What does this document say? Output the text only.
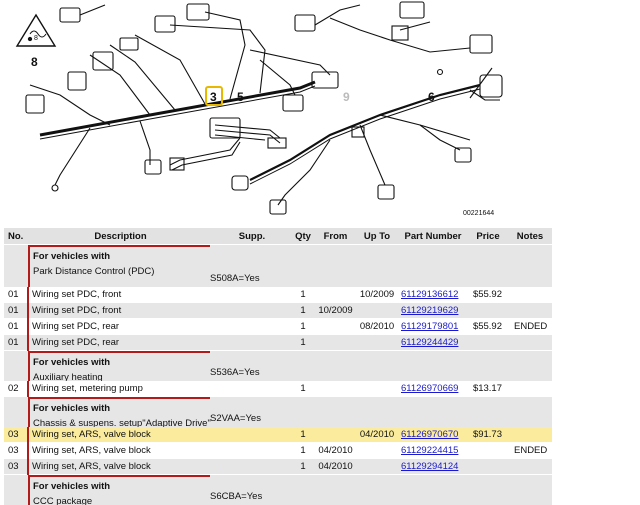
8
3 5	9	6
8
00221644
No.	Description	Supp.	Qty	From	Up To	Part Number	Price	Notes

	For vehicles with
Park Distance Control (PDC)
S508A=Yes							

01	Wiring set PDC, front		1		10/2009	61129136612	$55.92	
01	Wiring set PDC, front		1	10/2009		61129219629		
01	Wiring set PDC, rear		1		08/2010	61129179801	$55.92	ENDED
01	Wiring set PDC, rear		1			61129244429		

	For vehicles with
Auxiliary heating S536A=Yes							

02	Wiring set, metering pump		1			61126970669	$13.17	

	For vehicles with
Chassis & suspens. setup"Adaptive Drive" S2VAA=Yes							

03	Wiring set, ARS, valve block		1		04/2010	61126970670	$91.73	
03	Wiring set, ARS, valve block		1	04/2010		61129224415		ENDED
03	Wiring set, ARS, valve block		1	04/2010		61129294124		

	For vehicles with
CCC package S6CBA=Yes							
